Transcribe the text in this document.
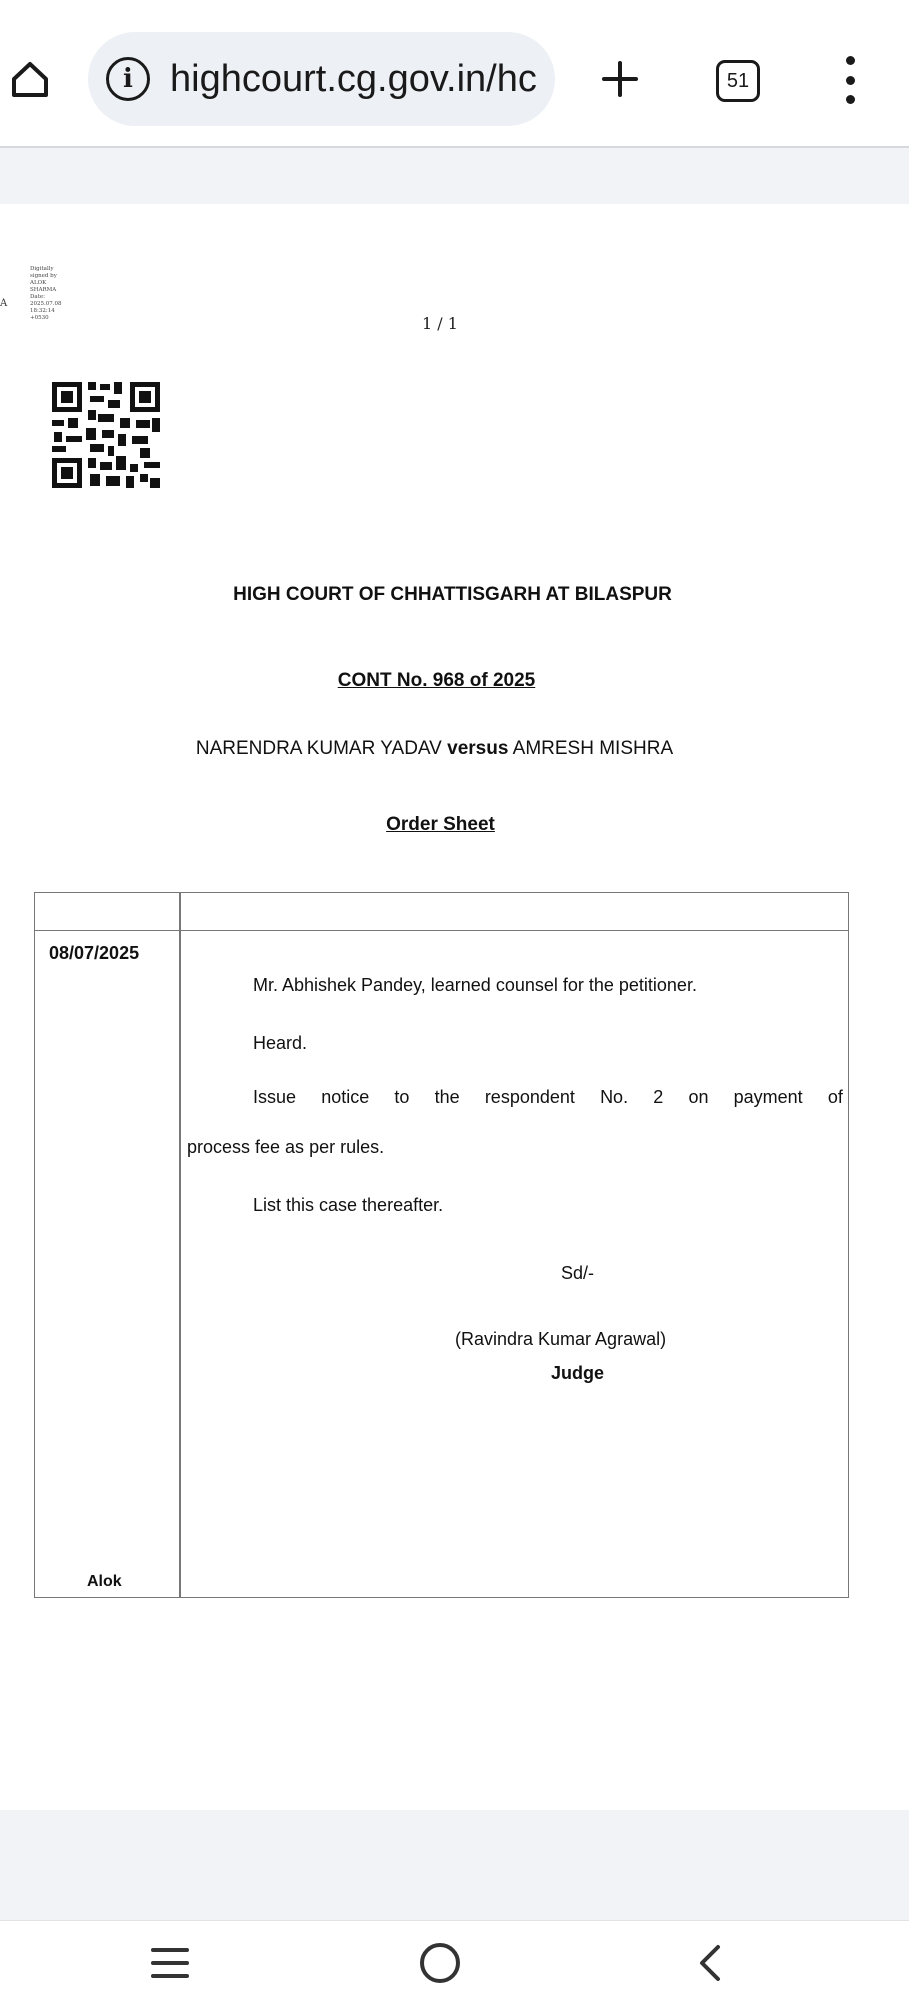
i highcourt.cg.gov.in/hc	51
A
Digitally
signed by
ALOK
SHARMA
Date:
2025.07.08
18:32:14
+0530	1 / 1
HIGH COURT OF CHHATTISGARH AT BILASPUR
CONT No. 968 of 2025
NARENDRA KUMAR YADAV versus AMRESH MISHRA
Order Sheet
08/07/2025
Alok
Mr. Abhishek Pandey, learned counsel for the petitioner.
Heard.
Issue notice to the respondent No. 2 on payment of
process fee as per rules.
List this case thereafter.
Sd/-
(Ravindra Kumar Agrawal)
Judge
